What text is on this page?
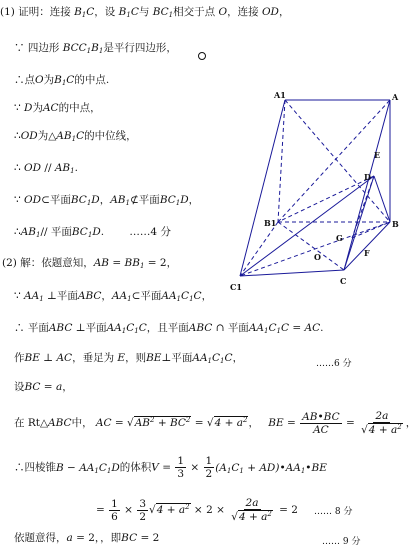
(1) 证明：连接 $B_1C$，设 $B_1C$与 $BC_1$相交于点 O，连接 OD，
∵ 四边形 $BCC_1B_1$是平行四边形，
∴点O为$B_1C$的中点.
∵ D为AC的中点，
∴OD为$\triangle AB_1C$的中位线，
∴ OD // $AB_1$.
∵ OD⊂平面$BC_1D$，$AB_1⊄$平面$BC_1D$，
$\therefore AB_1//$ 平面$BC_1D$. ……4 分
(2) 解：依题意知，AB = $BB_1 = 2$，
∵ $AA_1$ ⊥平面ABC，$AA_1\subset$平面$AA_1C_1C$，
∴ 平面ABC ⊥平面$AA_1C_1C$，且平面ABC ∩ 平面$AA_1C_1C$ = AC.
作BE ⊥ AC，垂足为 E，则BE⊥平面$AA_1C_1C$，	……6 分
设BC = a，
在 Rt△ABC中， AC = $√AB^2 + BC^2 = √4 + a^2$， BE = $\frac{AB•BC}{AC} = \frac{2a}{√4 + a^2}$ ，
∴四棱锥$B - AA_1C_1D$的体积$V = \frac{1}{3} \times \frac{1}{2} (A_1C_1$ + $AD)•AA_1•BE$
= $\frac{1}{6} \times \frac{3}{2} √4 + a^2 \times 2 \times \frac{2a}{√4 + a^2} = 2$ …… 8 分
依题意得，a = 2，，即BC = 2	…… 9 分
A1	A
E
D
B1	B
G
O	F
C1
C
